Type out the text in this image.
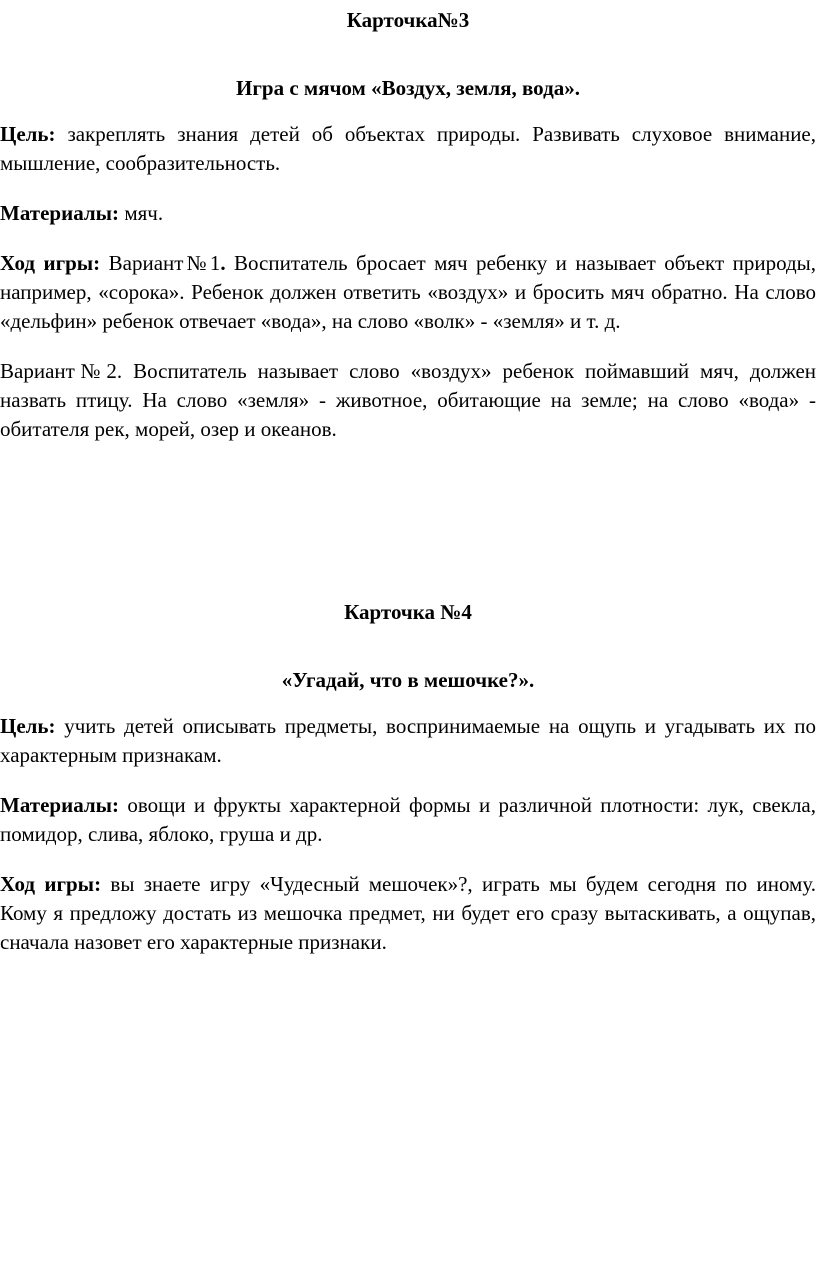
Карточка№3

Игра с мячом «Воздух, земля, вода».

Цель: закреплять знания детей об объектах природы. Развивать слуховое внимание, мышление, сообразительность.

Материалы: мяч.

Ход игры: Вариант№1. Воспитатель бросает мяч ребенку и называет объект природы, например, «сорока». Ребенок должен ответить «воздух» и бросить мяч обратно. На слово «дельфин» ребенок отвечает «вода», на слово «волк» - «земля» и т. д.

Вариант№2. Воспитатель называет слово «воздух» ребенок поймавший мяч, должен назвать птицу. На слово «земля» - животное, обитающие на земле; на слово «вода» - обитателя рек, морей, озер и океанов.

Карточка №4

«Угадай, что в мешочке?».

Цель: учить детей описывать предметы, воспринимаемые на ощупь и угадывать их по характерным признакам.

Материалы: овощи и фрукты характерной формы и различной плотности: лук, свекла, помидор, слива, яблоко, груша и др.

Ход игры: вы знаете игру «Чудесный мешочек»?, играть мы будем сегодня по иному. Кому я предложу достать из мешочка предмет, ни будет его сразу вытаскивать, а ощупав, сначала назовет его характерные признаки.
